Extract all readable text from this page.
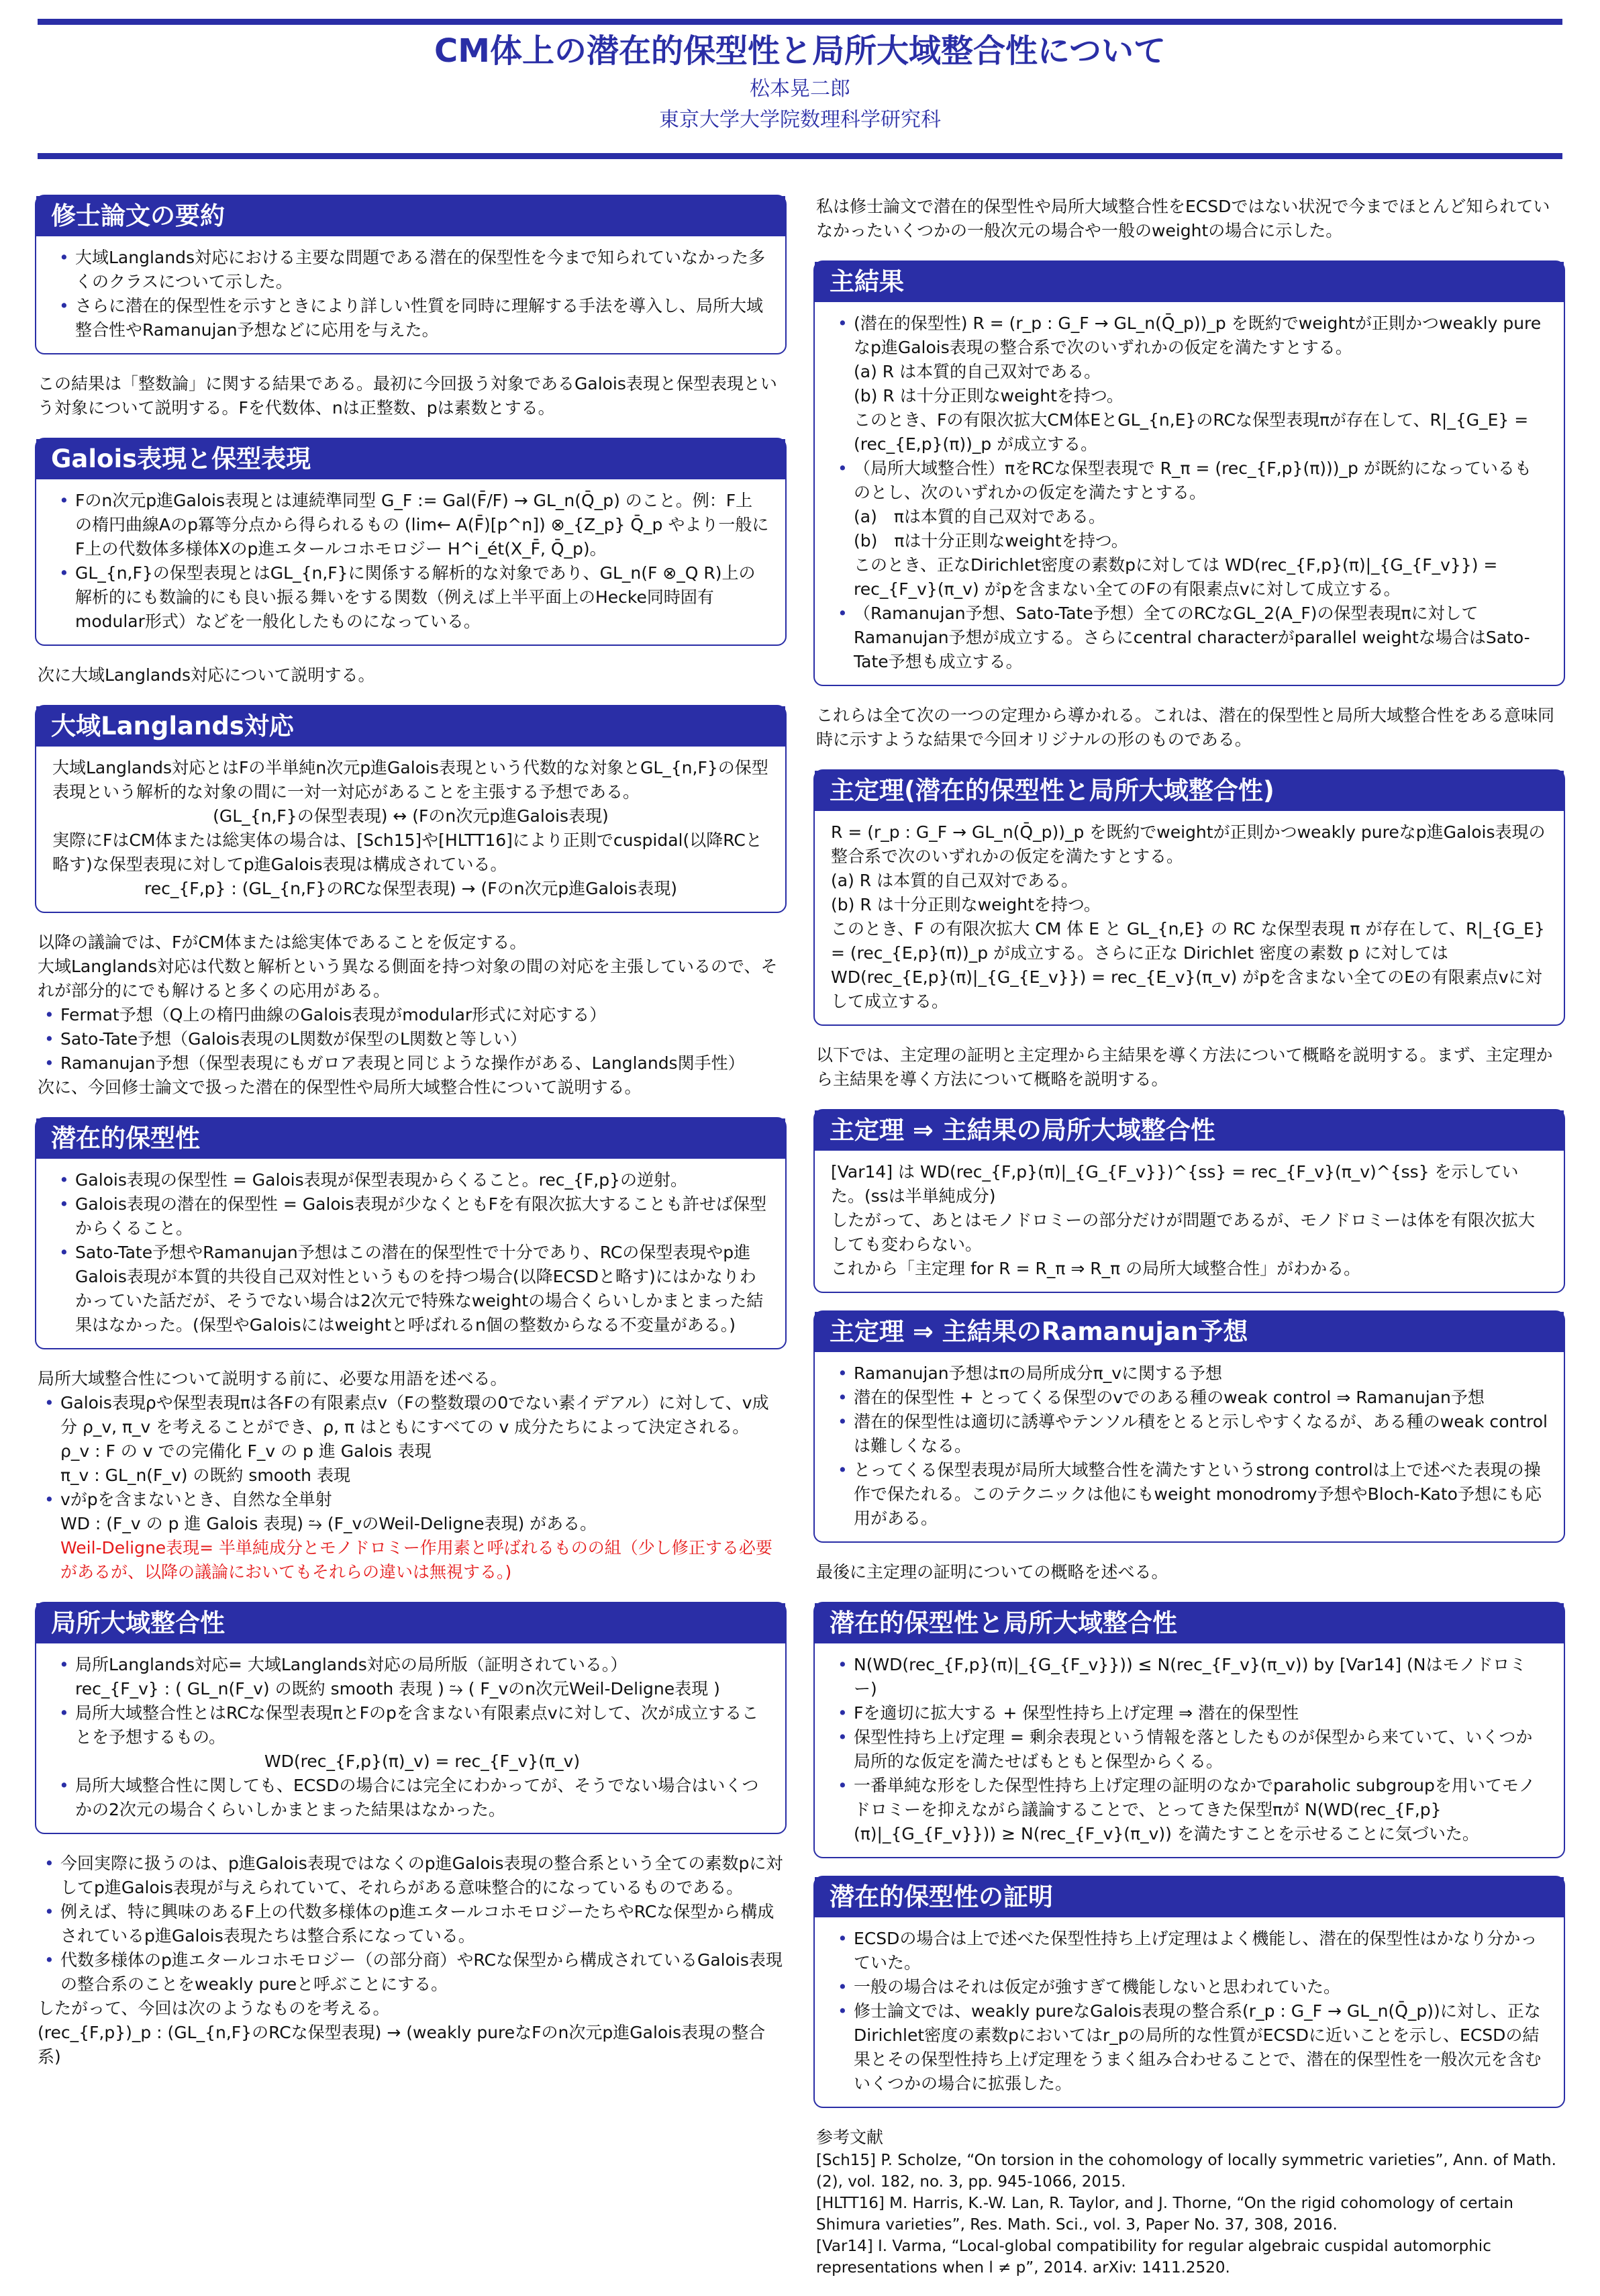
CM体上の潜在的保型性と局所大域整合性について
松本晃二郎
東京大学大学院数理科学研究科
修士論文の要約
• 大域Langlands対応における主要な問題である潜在的保型性を今まで知られていなかった多くのクラスについて示した。
• さらに潜在的保型性を示すときにより詳しい性質を同時に理解する手法を導入し、局所大域整合性やRamanujan予想などに応用を与えた。

この結果は「整数論」に関する結果である。最初に今回扱う対象であるGalois表現と保型表現という対象について説明する。Fを代数体、nは正整数、pは素数とする。

Galois表現と保型表現
• Fのn次元p進Galois表現とは連続準同型 G_F := Gal(F̄/F) → GL_n(Q̄_p) のこと。例：F上の楕円曲線Aのp冪等分点から得られるもの (lim← A(F̄)[p^n]) ⊗_{Z_p} Q̄_p やより一般にF上の代数体多様体Xのp進エタールコホモロジー H^i_ét(X_F̄, Q̄_p)。
• GL_{n,F}の保型表現とはGL_{n,F}に関係する解析的な対象であり、GL_n(F ⊗_Q R)上の解析的にも数論的にも良い振る舞いをする関数（例えば上半平面上のHecke同時固有modular形式）などを一般化したものになっている。

次に大域Langlands対応について説明する。

大域Langlands対応

大域Langlands対応とはFの半単純n次元p進Galois表現という代数的な対象とGL_{n,F}の保型表現という解析的な対象の間に一対一対応があることを主張する予想である。

(GL_{n,F}の保型表現) ↔ (Fのn次元p進Galois表現)

実際にFはCM体または総実体の場合は、[Sch15]や[HLTT16]により正則でcuspidal(以降RCと略す)な保型表現に対してp進Galois表現は構成されている。

rec_{F,p} : (GL_{n,F}のRCな保型表現) → (Fのn次元p進Galois表現)

以降の議論では、FがCM体または総実体であることを仮定する。

大域Langlands対応は代数と解析という異なる側面を持つ対象の間の対応を主張しているので、それが部分的にでも解けると多くの応用がある。

• Fermat予想（Q上の楕円曲線のGalois表現がmodular形式に対応する）
• Sato-Tate予想（Galois表現のL関数が保型のL関数と等しい）
• Ramanujan予想（保型表現にもガロア表現と同じような操作がある、Langlands関手性）

次に、今回修士論文で扱った潜在的保型性や局所大域整合性について説明する。

潜在的保型性
• Galois表現の保型性 = Galois表現が保型表現からくること。rec_{F,p}の逆射。
• Galois表現の潜在的保型性 = Galois表現が少なくともFを有限次拡大することも許せば保型からくること。
• Sato-Tate予想やRamanujan予想はこの潜在的保型性で十分であり、RCの保型表現やp進Galois表現が本質的共役自己双対性というものを持つ場合(以降ECSDと略す)にはかなりわかっていた話だが、そうでない場合は2次元で特殊なweightの場合くらいしかまとまった結果はなかった。(保型やGaloisにはweightと呼ばれるn個の整数からなる不変量がある。)

局所大域整合性について説明する前に、必要な用語を述べる。

• Galois表現ρや保型表現πは各Fの有限素点v（Fの整数環の0でない素イデアル）に対して、v成分 ρ_v, π_v を考えることができ、ρ, π はともにすべての v 成分たちによって決定される。
ρ_v : F の v での完備化 F_v の p 進 Galois 表現
π_v : GL_n(F_v) の既約 smooth 表現
• vがpを含まないとき、自然な全単射
WD : (F_v の p 進 Galois 表現) ⥲ (F_vのWeil-Deligne表現) がある。
Weil-Deligne表現= 半単純成分とモノドロミー作用素と呼ばれるものの組（少し修正する必要があるが、以降の議論においてもそれらの違いは無視する。)
局所大域整合性
• 局所Langlands対応= 大域Langlands対応の局所版（証明されている。）
rec_{F_v} : ( GL_n(F_v) の既約 smooth 表現 ) ⥲ ( F_vのn次元Weil-Deligne表現 )
• 局所大域整合性とはRCな保型表現πとFのpを含まない有限素点vに対して、次が成立することを予想するもの。
WD(rec_{F,p}(π)_v) = rec_{F_v}(π_v)
• 局所大域整合性に関しても、ECSDの場合には完全にわかってが、そうでない場合はいくつかの2次元の場合くらいしかまとまった結果はなかった。
• 今回実際に扱うのは、p進Galois表現ではなくのp進Galois表現の整合系という全ての素数pに対してp進Galois表現が与えられていて、それらがある意味整合的になっているものである。
• 例えば、特に興味のあるF上の代数多様体のp進エタールコホモロジーたちやRCな保型から構成されているp進Galois表現たちは整合系になっている。
• 代数多様体のp進エタールコホモロジー（の部分商）やRCな保型から構成されているGalois表現の整合系のことをweakly pureと呼ぶことにする。

したがって、今回は次のようなものを考える。

(rec_{F,p})_p : (GL_{n,F}のRCな保型表現) → (weakly pureなFのn次元p進Galois表現の整合系)

私は修士論文で潜在的保型性や局所大域整合性をECSDではない状況で今までほとんど知られていなかったいくつかの一般次元の場合や一般のweightの場合に示した。

主結果
• (潜在的保型性) R = (r_p : G_F → GL_n(Q̄_p))_p を既約でweightが正則かつweakly pureなp進Galois表現の整合系で次のいずれかの仮定を満たすとする。
(a) R は本質的自己双対である。
(b) R は十分正則なweightを持つ。
このとき、Fの有限次拡大CM体EとGL_{n,E}のRCな保型表現πが存在して、R|_{G_E} = (rec_{E,p}(π))_p が成立する。
• （局所大域整合性）πをRCな保型表現で R_π = (rec_{F,p}(π)))_p が既約になっているものとし、次のいずれかの仮定を満たすとする。
(a)　πは本質的自己双対である。
(b)　πは十分正則なweightを持つ。
このとき、正なDirichlet密度の素数pに対しては WD(rec_{F,p}(π)|_{G_{F_v}}) = rec_{F_v}(π_v) がpを含まない全てのFの有限素点vに対して成立する。
• （Ramanujan予想、Sato-Tate予想）全てのRCなGL_2(A_F)の保型表現πに対してRamanujan予想が成立する。さらにcentral characterがparallel weightな場合はSato-Tate予想も成立する。

これらは全て次の一つの定理から導かれる。これは、潜在的保型性と局所大域整合性をある意味同時に示すような結果で今回オリジナルの形のものである。

主定理(潜在的保型性と局所大域整合性)

R = (r_p : G_F → GL_n(Q̄_p))_p を既約でweightが正則かつweakly pureなp進Galois表現の整合系で次のいずれかの仮定を満たすとする。

(a) R は本質的自己双対である。

(b) R は十分正則なweightを持つ。

このとき、F の有限次拡大 CM 体 E と GL_{n,E} の RC な保型表現 π が存在して、R|_{G_E} = (rec_{E,p}(π))_p が成立する。さらに正な Dirichlet 密度の素数 p に対しては WD(rec_{E,p}(π)|_{G_{E_v}}) = rec_{E_v}(π_v) がpを含まない全てのEの有限素点vに対して成立する。

以下では、主定理の証明と主定理から主結果を導く方法について概略を説明する。まず、主定理から主結果を導く方法について概略を説明する。

主定理 ⇒ 主結果の局所大域整合性

[Var14] は WD(rec_{F,p}(π)|_{G_{F_v}})^{ss} = rec_{F_v}(π_v)^{ss} を示していた。(ssは半単純成分)

したがって、あとはモノドロミーの部分だけが問題であるが、モノドロミーは体を有限次拡大しても変わらない。

これから「主定理 for R = R_π ⇒ R_π の局所大域整合性」がわかる。

主定理 ⇒ 主結果のRamanujan予想
• Ramanujan予想はπの局所成分π_vに関する予想
• 潜在的保型性 + とってくる保型のvでのある種のweak control ⇒ Ramanujan予想
• 潜在的保型性は適切に誘導やテンソル積をとると示しやすくなるが、ある種のweak controlは難しくなる。
• とってくる保型表現が局所大域整合性を満たすというstrong controlは上で述べた表現の操作で保たれる。このテクニックは他にもweight monodromy予想やBloch-Kato予想にも応用がある。

最後に主定理の証明についての概略を述べる。

潜在的保型性と局所大域整合性
• N(WD(rec_{F,p}(π)|_{G_{F_v}})) ≤ N(rec_{F_v}(π_v)) by [Var14] (Nはモノドロミー)
• Fを適切に拡大する + 保型性持ち上げ定理 ⇒ 潜在的保型性
• 保型性持ち上げ定理 = 剰余表現という情報を落としたものが保型から来ていて、いくつか局所的な仮定を満たせばもともと保型からくる。
• 一番単純な形をした保型性持ち上げ定理の証明のなかでparaholic subgroupを用いてモノドロミーを抑えながら議論することで、とってきた保型πが N(WD(rec_{F,p}(π)|_{G_{F_v}})) ≥ N(rec_{F_v}(π_v)) を満たすことを示せることに気づいた。
潜在的保型性の証明
• ECSDの場合は上で述べた保型性持ち上げ定理はよく機能し、潜在的保型性はかなり分かっていた。
• 一般の場合はそれは仮定が強すぎて機能しないと思われていた。
• 修士論文では、weakly pureなGalois表現の整合系(r_p : G_F → GL_n(Q̄_p))に対し、正なDirichlet密度の素数pにおいてはr_pの局所的な性質がECSDに近いことを示し、ECSDの結果とその保型性持ち上げ定理をうまく組み合わせることで、潜在的保型性を一般次元を含むいくつかの場合に拡張した。

参考文献

[Sch15] P. Scholze, “On torsion in the cohomology of locally symmetric varieties”, Ann. of Math. (2), vol. 182, no. 3, pp. 945-1066, 2015.

[HLTT16] M. Harris, K.-W. Lan, R. Taylor, and J. Thorne, “On the rigid cohomology of certain Shimura varieties”, Res. Math. Sci., vol. 3, Paper No. 37, 308, 2016.

[Var14] I. Varma, “Local-global compatibility for regular algebraic cuspidal automorphic representations when l ≠ p”, 2014. arXiv: 1411.2520.
